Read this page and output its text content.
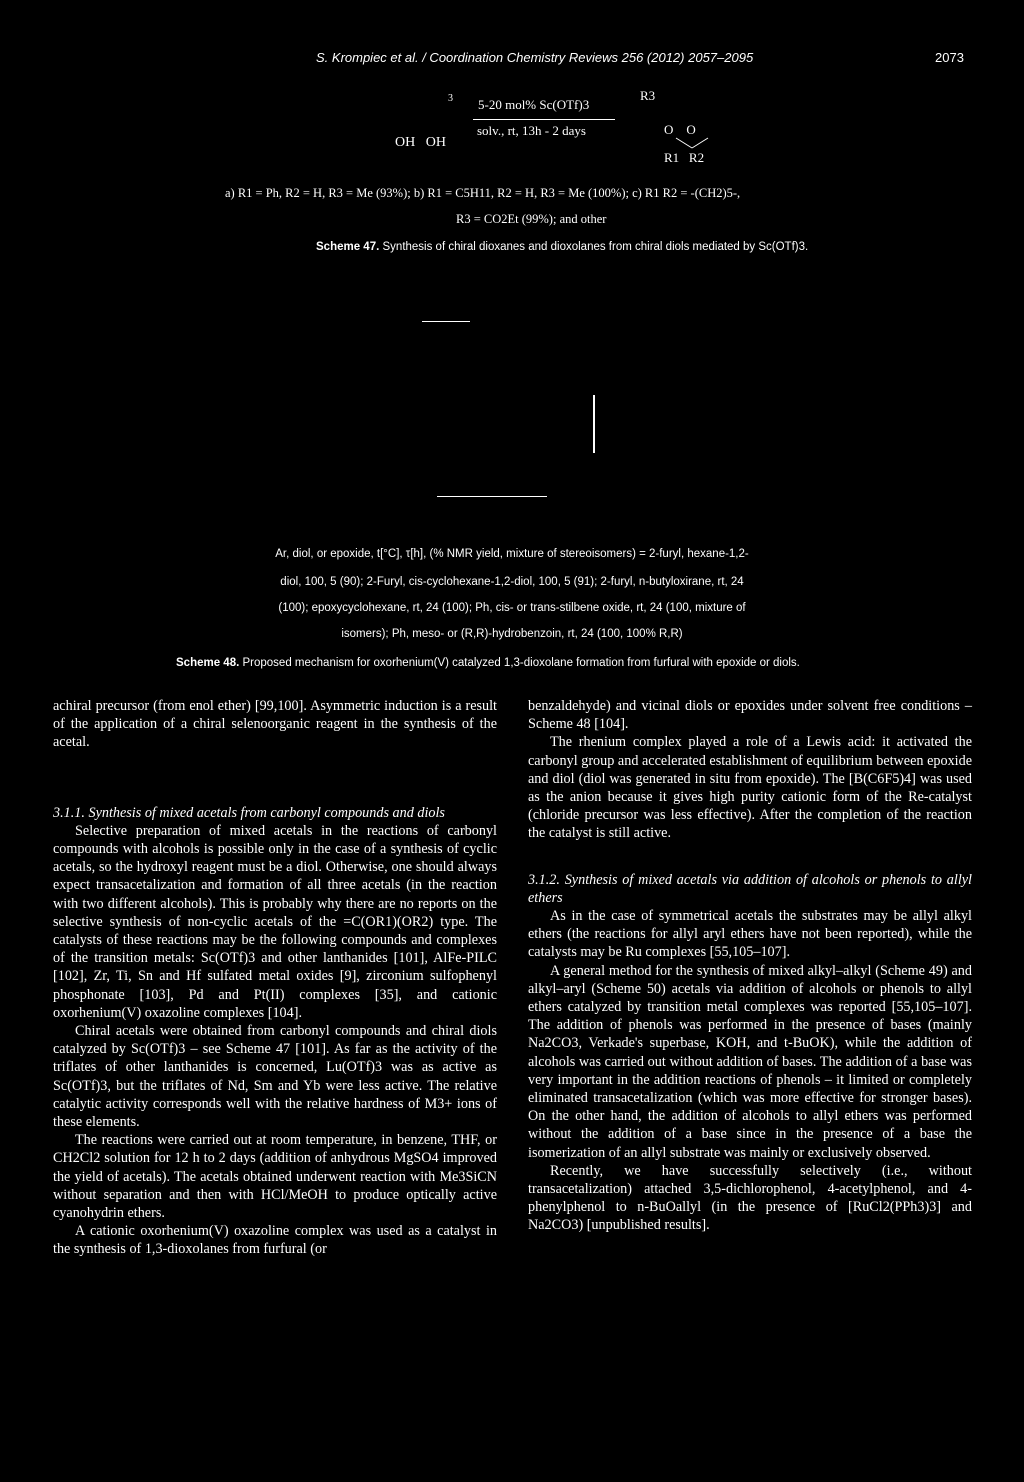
S. Krompiec et al. / Coordination Chemistry Reviews 256 (2012) 2057–2095	2073
3
OH   OH
5-20 mol% Sc(OTf)3
solv., rt, 13h - 2 days
R3
O    O
R1   R2
a) R1 = Ph, R2 = H, R3 = Me (93%); b) R1 = C5H11, R2 = H, R3 = Me (100%); c) R1 R2 = -(CH2)5-,
R3 = CO2Et (99%); and other
Scheme 47. Synthesis of chiral dioxanes and dioxolanes from chiral diols mediated by Sc(OTf)3.
Ar, diol, or epoxide, t[°C], τ[h], (% NMR yield, mixture of stereoisomers) = 2-furyl, hexane-1,2-
diol, 100, 5 (90); 2-Furyl, cis-cyclohexane-1,2-diol, 100, 5 (91); 2-furyl, n-butyloxirane, rt, 24
(100); epoxycyclohexane, rt, 24 (100); Ph, cis- or trans-stilbene oxide, rt, 24 (100, mixture of
isomers); Ph, meso- or (R,R)-hydrobenzoin, rt, 24 (100, 100% R,R)
Scheme 48. Proposed mechanism for oxorhenium(V) catalyzed 1,3-dioxolane formation from furfural with epoxide or diols.

achiral precursor (from enol ether) [99,100]. Asymmetric induction is a result of the application of a chiral selenoorganic reagent in the synthesis of the acetal.

3.1.1. Synthesis of mixed acetals from carbonyl compounds and diols

Selective preparation of mixed acetals in the reactions of carbonyl compounds with alcohols is possible only in the case of a synthesis of cyclic acetals, so the hydroxyl reagent must be a diol. Otherwise, one should always expect transacetalization and formation of all three acetals (in the reaction with two different alcohols). This is probably why there are no reports on the selective synthesis of non-cyclic acetals of the =C(OR1)(OR2) type. The catalysts of these reactions may be the following compounds and complexes of the transition metals: Sc(OTf)3 and other lanthanides [101], AlFe-PILC [102], Zr, Ti, Sn and Hf sulfated metal oxides [9], zirconium sulfophenyl phosphonate [103], Pd and Pt(II) complexes [35], and cationic oxorhenium(V) oxazoline complexes [104].

Chiral acetals were obtained from carbonyl compounds and chiral diols catalyzed by Sc(OTf)3 – see Scheme 47 [101]. As far as the activity of the triflates of other lanthanides is concerned, Lu(OTf)3 was as active as Sc(OTf)3, but the triflates of Nd, Sm and Yb were less active. The relative catalytic activity corresponds well with the relative hardness of M3+ ions of these elements.

The reactions were carried out at room temperature, in benzene, THF, or CH2Cl2 solution for 12 h to 2 days (addition of anhydrous MgSO4 improved the yield of acetals). The acetals obtained underwent reaction with Me3SiCN without separation and then with HCl/MeOH to produce optically active cyanohydrin ethers.

A cationic oxorhenium(V) oxazoline complex was used as a catalyst in the synthesis of 1,3-dioxolanes from furfural (or

benzaldehyde) and vicinal diols or epoxides under solvent free conditions – Scheme 48 [104].

The rhenium complex played a role of a Lewis acid: it activated the carbonyl group and accelerated establishment of equilibrium between epoxide and diol (diol was generated in situ from epoxide). The [B(C6F5)4] was used as the anion because it gives high purity cationic form of the Re-catalyst (chloride precursor was less effective). After the completion of the reaction the catalyst is still active.

3.1.2. Synthesis of mixed acetals via addition of alcohols or phenols to allyl ethers

As in the case of symmetrical acetals the substrates may be allyl alkyl ethers (the reactions for allyl aryl ethers have not been reported), while the catalysts may be Ru complexes [55,105–107].

A general method for the synthesis of mixed alkyl–alkyl (Scheme 49) and alkyl–aryl (Scheme 50) acetals via addition of alcohols or phenols to allyl ethers catalyzed by transition metal complexes was reported [55,105–107]. The addition of phenols was performed in the presence of bases (mainly Na2CO3, Verkade's superbase, KOH, and t-BuOK), while the addition of alcohols was carried out without addition of bases. The addition of a base was very important in the addition reactions of phenols – it limited or completely eliminated transacetalization (which was more effective for stronger bases). On the other hand, the addition of alcohols to allyl ethers was performed without the addition of a base since in the presence of a base the isomerization of an allyl substrate was mainly or exclusively observed.

Recently, we have successfully selectively (i.e., without transacetalization) attached 3,5-dichlorophenol, 4-acetylphenol, and 4-phenylphenol to n-BuOallyl (in the presence of [RuCl2(PPh3)3] and Na2CO3) [unpublished results].
